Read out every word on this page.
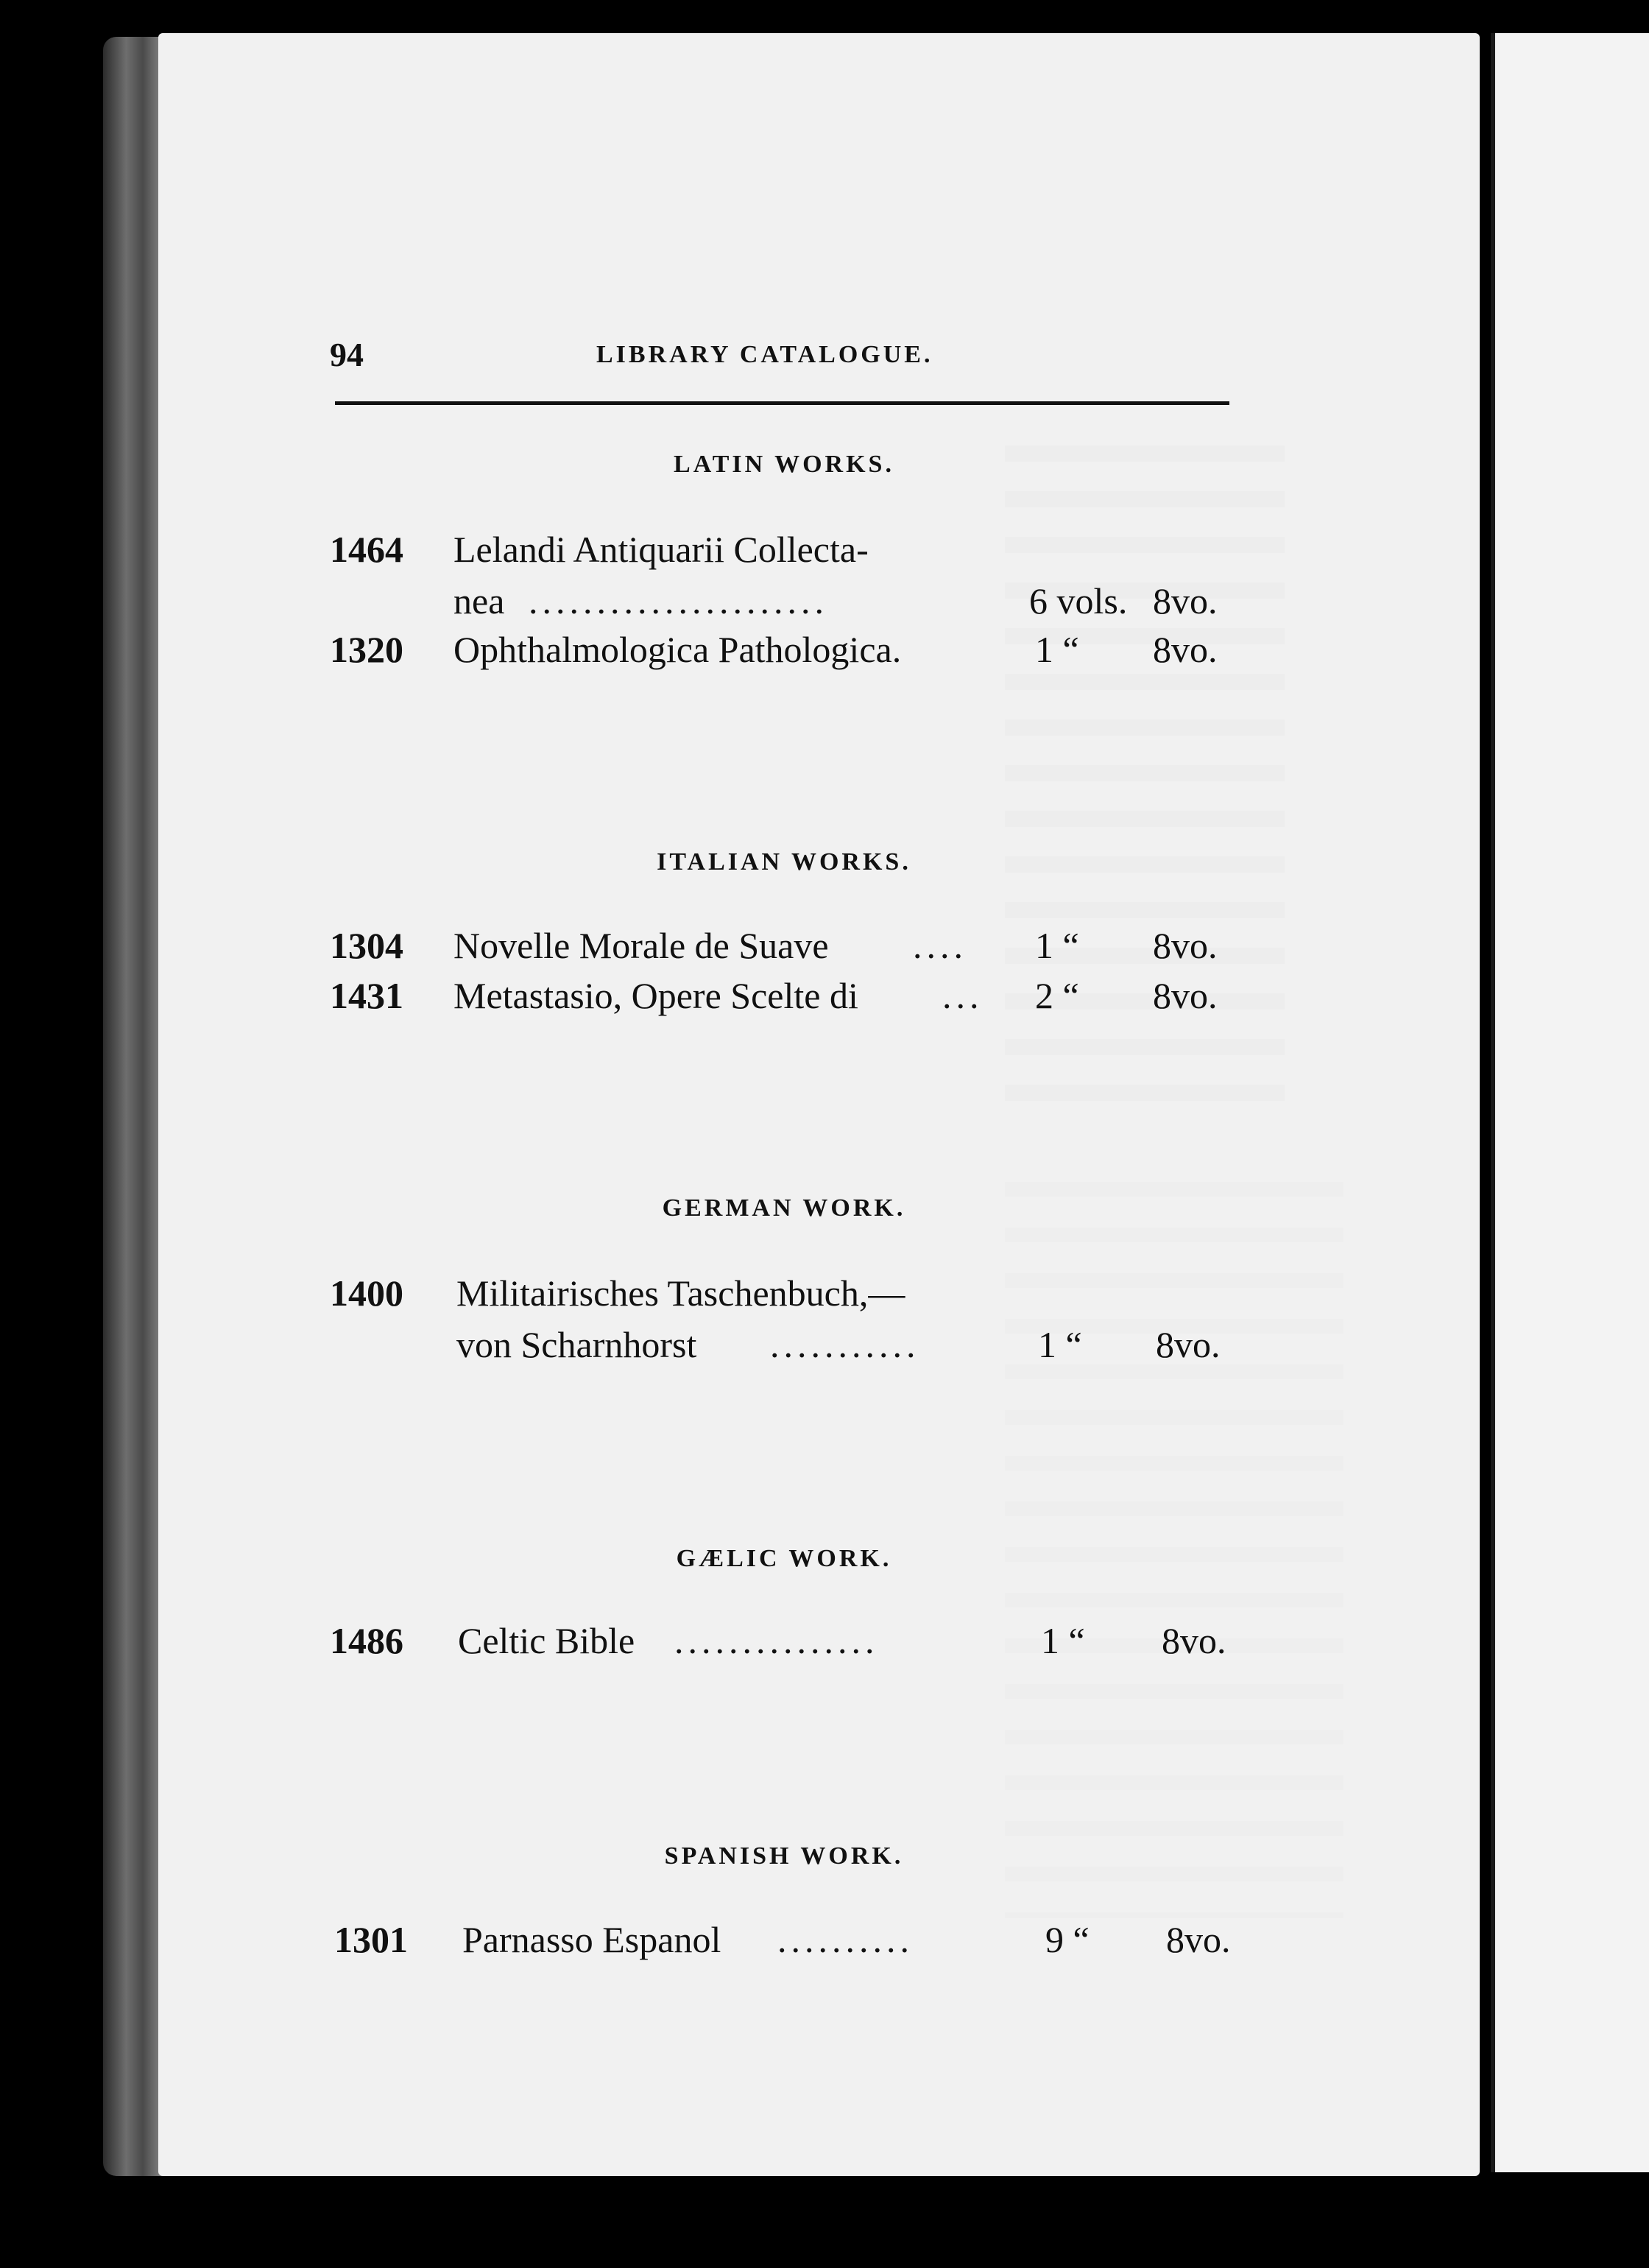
94	LIBRARY CATALOGUE.
LATIN WORKS.
1464	Lelandi Antiquarii Collecta-
nea ......................	6 vols. 8vo.
1320	Ophthalmologica Pathologica.	1 “ 8vo.
ITALIAN WORKS.
1304	Novelle Morale de Suave .... 1 “ 8vo.
1431	Metastasio, Opere Scelte di ... 2 “ 8vo.
GERMAN WORK.
1400	Militairisches Taschenbuch,—
von Scharnhorst ...........	1 “ 8vo.
GÆLIC WORK.
1486	Celtic Bible ...............	1 “ 8vo.
SPANISH WORK.
1301	Parnasso Espanol ..........	9 “ 8vo.
